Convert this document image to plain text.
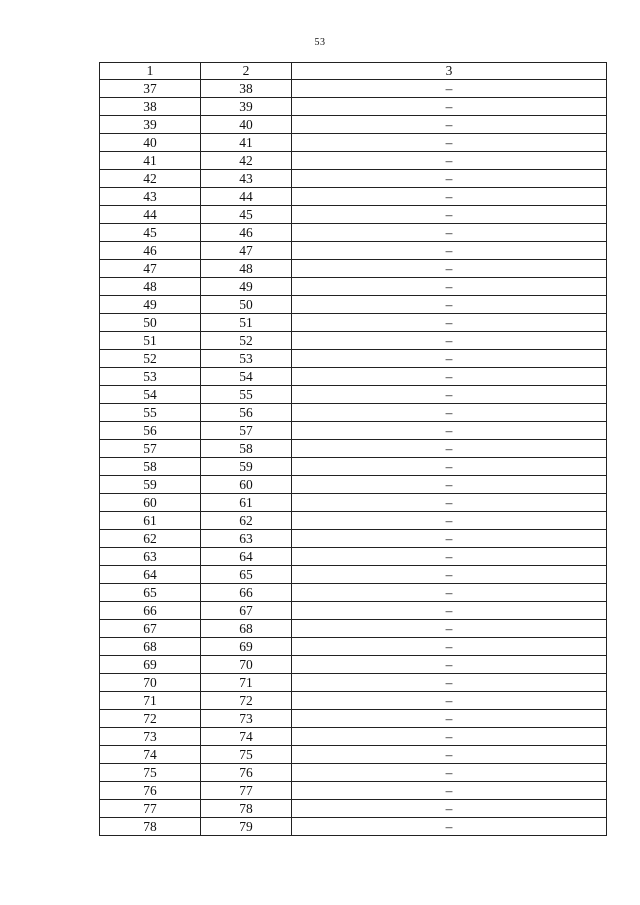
53
1	2	3
37	38	–
38	39	–
39	40	–
40	41	–
41	42	–
42	43	–
43	44	–
44	45	–
45	46	–
46	47	–
47	48	–
48	49	–
49	50	–
50	51	–
51	52	–
52	53	–
53	54	–
54	55	–
55	56	–
56	57	–
57	58	–
58	59	–
59	60	–
60	61	–
61	62	–
62	63	–
63	64	–
64	65	–
65	66	–
66	67	–
67	68	–
68	69	–
69	70	–
70	71	–
71	72	–
72	73	–
73	74	–
74	75	–
75	76	–
76	77	–
77	78	–
78	79	–
